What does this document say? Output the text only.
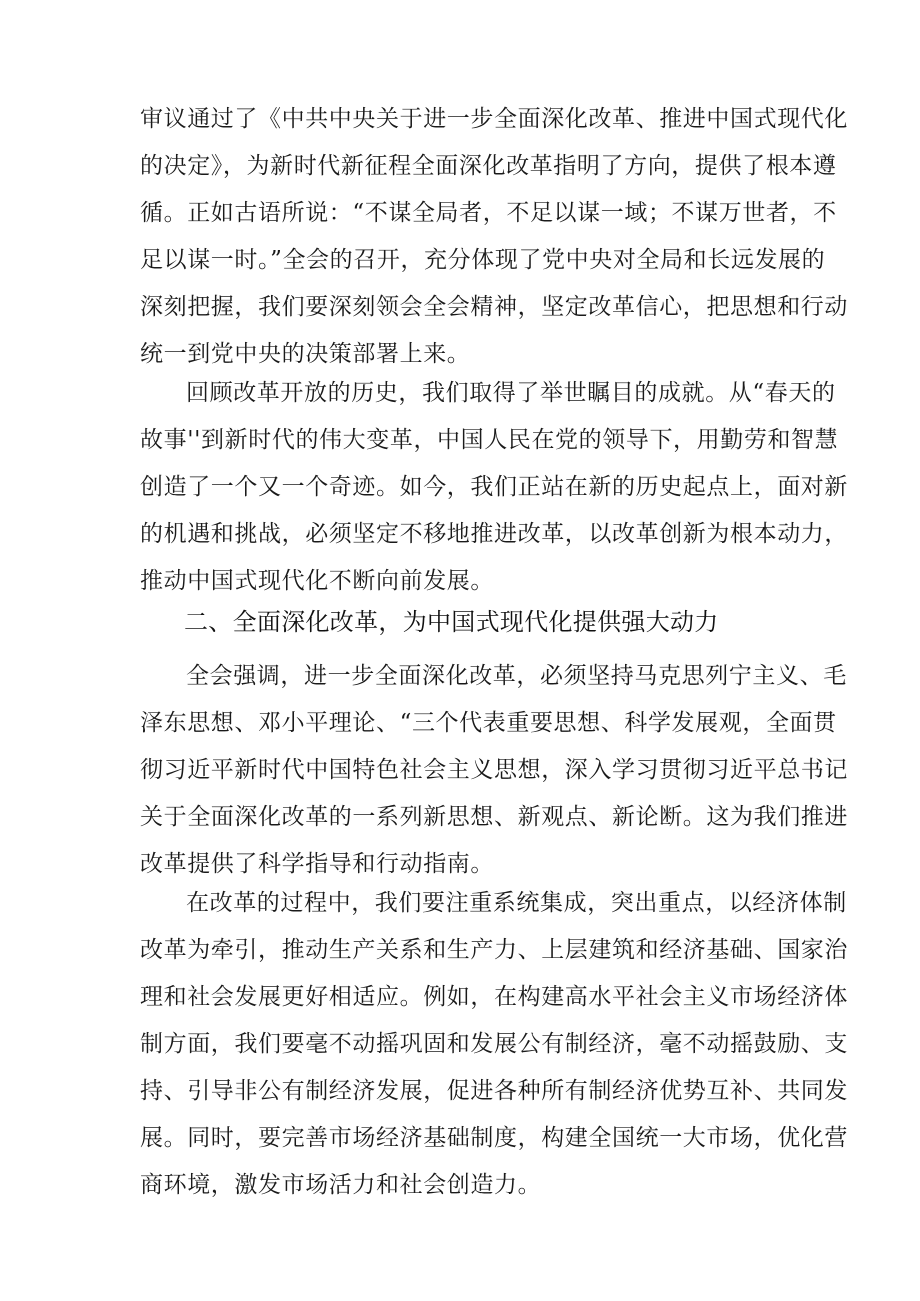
审议通过了《中共中央关于进一步全面深化改革、推进中国式现代化
的决定》，为新时代新征程全面深化改革指明了方向，提供了根本遵
循。正如古语所说：“不谋全局者，不足以谋一域；不谋万世者，不
足以谋一时。”全会的召开，充分体现了党中央对全局和长远发展的
深刻把握，我们要深刻领会全会精神，坚定改革信心，把思想和行动
统一到党中央的决策部署上来。

回顾改革开放的历史，我们取得了举世瞩目的成就。从“春天的
故事''到新时代的伟大变革，中国人民在党的领导下，用勤劳和智慧
创造了一个又一个奇迹。如今，我们正站在新的历史起点上，面对新
的机遇和挑战，必须坚定不移地推进改革，以改革创新为根本动力，
推动中国式现代化不断向前发展。

二、全面深化改革，为中国式现代化提供强大动力

全会强调，进一步全面深化改革，必须坚持马克思列宁主义、毛
泽东思想、邓小平理论、“三个代表重要思想、科学发展观，全面贯
彻习近平新时代中国特色社会主义思想，深入学习贯彻习近平总书记
关于全面深化改革的一系列新思想、新观点、新论断。这为我们推进
改革提供了科学指导和行动指南。

在改革的过程中，我们要注重系统集成，突出重点，以经济体制
改革为牵引，推动生产关系和生产力、上层建筑和经济基础、国家治
理和社会发展更好相适应。例如，在构建高水平社会主义市场经济体
制方面，我们要毫不动摇巩固和发展公有制经济，毫不动摇鼓励、支
持、引导非公有制经济发展，促进各种所有制经济优势互补、共同发
展。同时，要完善市场经济基础制度，构建全国统一大市场，优化营
商环境，激发市场活力和社会创造力。
